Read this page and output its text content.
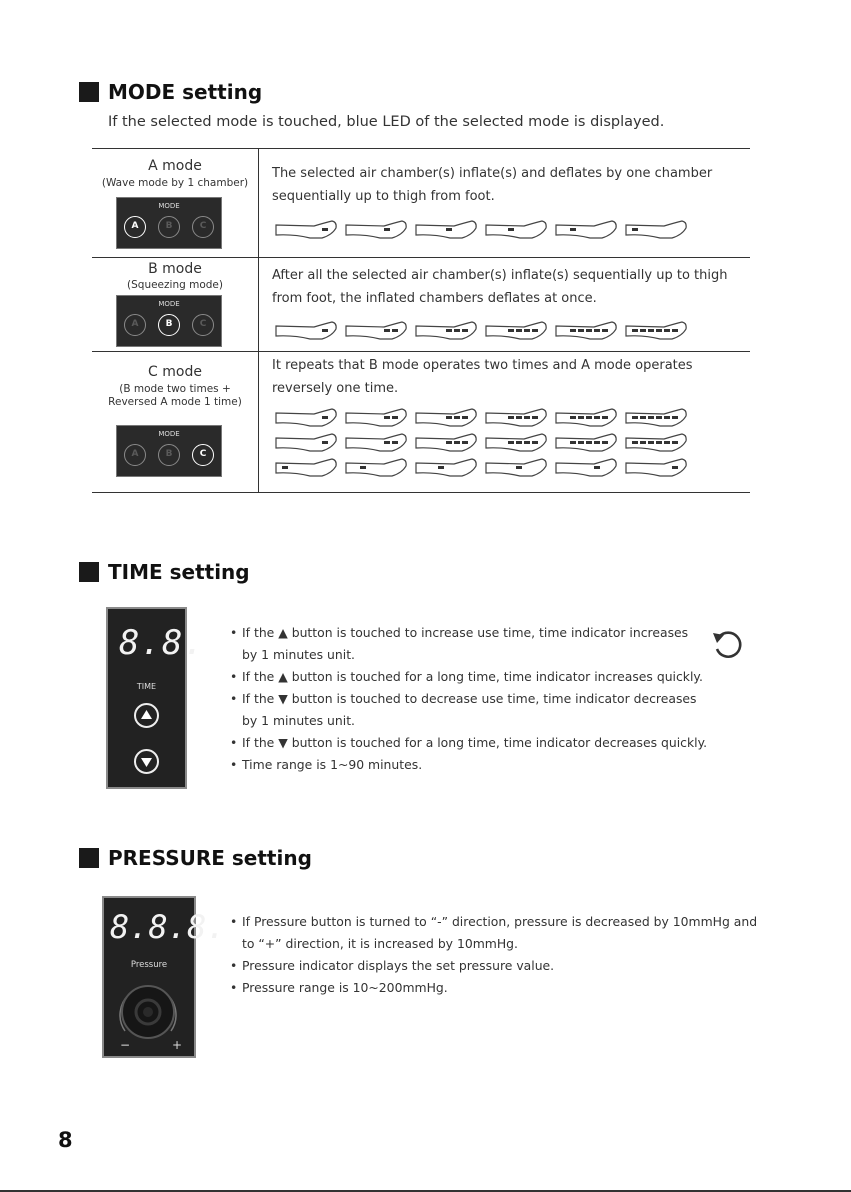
MODE setting
If the selected mode is touched, blue LED of the selected mode is displayed.
A mode
(Wave mode by 1 chamber)
MODE
A	B	C
The selected air chamber(s) inflate(s) and deflates by one chamber
sequentially up to thigh from foot.
B mode
(Squeezing mode)
MODE
A	B	C
After all the selected air chamber(s) inflate(s) sequentially up to thigh
from foot, the inflated chambers deflates at once.
C mode
(B mode two times +
Reversed A mode 1 time)
MODE
A	B	C
It repeats that B mode operates two times and A mode operates
reversely one time.
TIME setting
8.8.
TIME
• If the ▲ button is touched to increase use time, time indicator increases
by 1 minutes unit.
• If the ▲ button is touched for a long time, time indicator increases quickly.
• If the ▼ button is touched to decrease use time, time indicator decreases
by 1 minutes unit.
• If the ▼ button is touched for a long time, time indicator decreases quickly.
• Time range is 1~90 minutes.
PRESSURE setting
8.8.8.
Pressure
−	+
• If Pressure button is turned to “-” direction, pressure is decreased by 10mmHg and
to “+” direction, it is increased by 10mmHg.
• Pressure indicator displays the set pressure value.
• Pressure range is 10~200mmHg.
8
